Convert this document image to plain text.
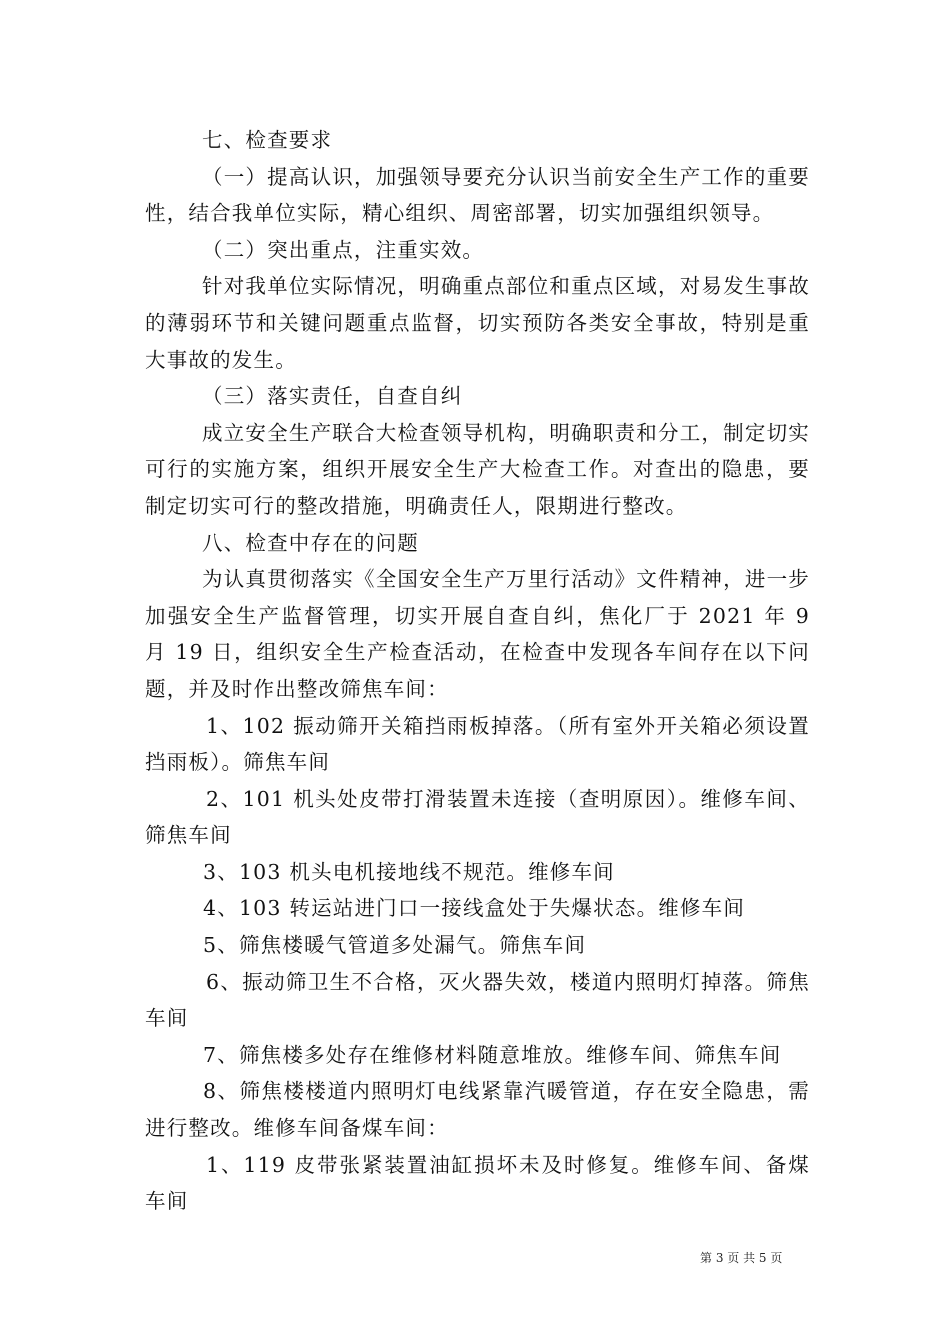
七、检查要求

（一）提高认识，加强领导要充分认识当前安全生产工作的重要性，结合我单位实际，精心组织、周密部署，切实加强组织领导。

（二）突出重点，注重实效。

针对我单位实际情况，明确重点部位和重点区域，对易发生事故的薄弱环节和关键问题重点监督，切实预防各类安全事故，特别是重大事故的发生。

（三）落实责任，自查自纠

成立安全生产联合大检查领导机构，明确职责和分工，制定切实可行的实施方案，组织开展安全生产大检查工作。对查出的隐患，要制定切实可行的整改措施，明确责任人，限期进行整改。

八、检查中存在的问题

为认真贯彻落实《全国安全生产万里行活动》文件精神，进一步加强安全生产监督管理，切实开展自查自纠，焦化厂于 2021 年 9 月 19 日，组织安全生产检查活动，在检查中发现各车间存在以下问题，并及时作出整改筛焦车间：

1、102 振动筛开关箱挡雨板掉落。（所有室外开关箱必须设置挡雨板）。筛焦车间

2、101 机头处皮带打滑装置未连接（查明原因）。维修车间、筛焦车间

3、103 机头电机接地线不规范。维修车间

4、103 转运站进门口一接线盒处于失爆状态。维修车间

5、筛焦楼暖气管道多处漏气。筛焦车间

6、振动筛卫生不合格，灭火器失效，楼道内照明灯掉落。筛焦车间

7、筛焦楼多处存在维修材料随意堆放。维修车间、筛焦车间

8、筛焦楼楼道内照明灯电线紧靠汽暖管道，存在安全隐患，需进行整改。维修车间备煤车间：

1、119 皮带张紧装置油缸损坏未及时修复。维修车间、备煤车间

第 3 页 共 5 页
